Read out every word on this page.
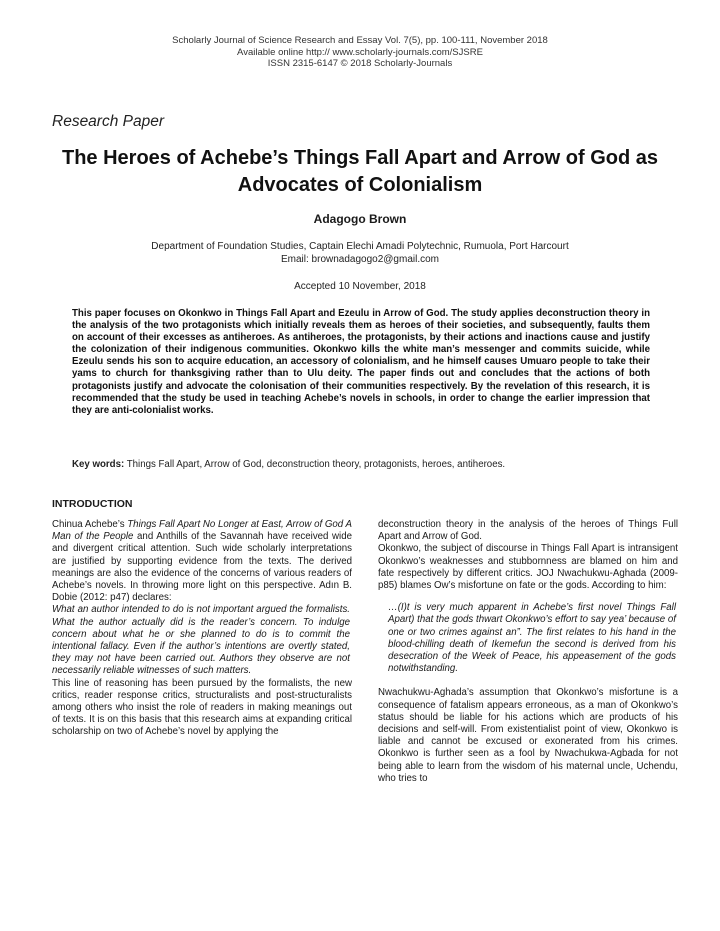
Scholarly Journal of Science Research and Essay Vol. 7(5), pp. 100-111, November 2018
Available online http:// www.scholarly-journals.com/SJSRE
ISSN 2315-6147 © 2018 Scholarly-Journals
Research Paper
The Heroes of Achebe’s Things Fall Apart and Arrow of God as Advocates of Colonialism
Adagogo Brown
Department of Foundation Studies, Captain Elechi Amadi Polytechnic, Rumuola, Port Harcourt
Email: brownadagogo2@gmail.com
Accepted 10 November, 2018
This paper focuses on Okonkwo in Things Fall Apart and Ezeulu in Arrow of God. The study applies deconstruction theory in the analysis of the two protagonists which initially reveals them as heroes of their societies, and subsequently, faults them on account of their excesses as antiheroes. As antiheroes, the protagonists, by their actions and inactions cause and justify the colonization of their indigenous communities. Okonkwo kills the white man’s messenger and commits suicide, while Ezeulu sends his son to acquire education, an accessory of colonialism, and he himself causes Umuaro people to take their yams to church for thanksgiving rather than to Ulu deity. The paper finds out and concludes that the actions of both protagonists justify and advocate the colonisation of their communities respectively. By the revelation of this research, it is recommended that the study be used in teaching Achebe’s novels in schools, in order to change the earlier impression that they are anti-colonialist works.
Key words: Things Fall Apart, Arrow of God, deconstruction theory, protagonists, heroes, antiheroes.
INTRODUCTION

Chinua Achebe’s Things Fall Apart No Longer at East, Arrow of God A Man of the People and Anthills of the Savannah have received wide and divergent critical attention. Such wide scholarly interpretations are justified by supporting evidence from the texts. The derived meanings are also the evidence of the concerns of various readers of Achebe’s novels. In throwing more light on this perspective. Adın B. Dobie (2012: p47) declares:

What an author intended to do is not important argued the formalists. What the author actually did is the reader’s concern. To indulge concern about what he or she planned to do is to commit the intentional fallacy. Even if the author’s intentions are overtly stated, they may not have been carried out. Authors they observe are not necessarily reliable witnesses of such matters.

This line of reasoning has been pursued by the formalists, the new critics, reader response critics, structuralists and post-structuralists among others who insist the role of readers in making meanings out of texts. It is on this basis that this research aims at expanding critical scholarship on two of Achebe’s novel by applying the

deconstruction theory in the analysis of the heroes of Things Full Apart and Arrow of God.

Okonkwo, the subject of discourse in Things Fall Apart is intransigent Okonkwo’s weaknesses and stubbornness are blamed on him and fate respectively by different critics. JOJ Nwachukwu-Aghada (2009-p85) blames Ow’s misfortune on fate or the gods. According to him:

…(I)t is very much apparent in Achebe’s first novel Things Fall Apart) that the gods thwart Okonkwo’s effort to say yea’ because of one or two crimes against an”. The first relates to his hand in the blood-chilling death of Ikemefun the second is derived from his desecration of the Week of Peace, his appeasement of the gods notwithstanding.

Nwachukwu-Aghada’s assumption that Okonkwo’s misfortune is a consequence of fatalism appears erroneous, as a man of Okonkwo’s status should be liable for his actions which are products of his decisions and self-will. From existentialist point of view, Okonkwo is liable and cannot be excused or exonerated from his crimes. Okonkwo is further seen as a fool by Nwachukwa-Agbada for not being able to learn from the wisdom of his maternal uncle, Uchendu, who tries to
